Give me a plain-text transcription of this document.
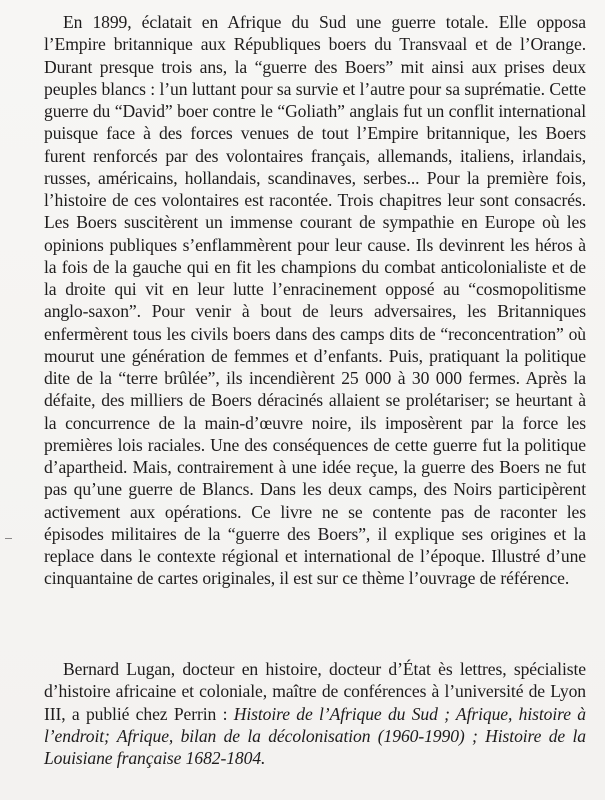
En 1899, éclatait en Afrique du Sud une guerre totale. Elle opposa l’Empire britannique aux Républiques boers du Transvaal et de l’Orange. Durant presque trois ans, la “guerre des Boers” mit ainsi aux prises deux peuples blancs : l’un luttant pour sa survie et l’autre pour sa suprématie. Cette guerre du “David” boer contre le “Goliath” anglais fut un conflit international puisque face à des forces venues de tout l’Empire britannique, les Boers furent renforcés par des volontaires français, allemands, italiens, irlandais, russes, américains, hollandais, scandinaves, serbes... Pour la première fois, l’histoire de ces volontaires est racontée. Trois chapitres leur sont consacrés. Les Boers suscitèrent un immense courant de sympathie en Europe où les opinions publiques s’enflammèrent pour leur cause. Ils devinrent les héros à la fois de la gauche qui en fit les champions du combat anticolonialiste et de la droite qui vit en leur lutte l’enracinement opposé au “cosmopolitisme anglo-saxon”. Pour venir à bout de leurs adversaires, les Britanniques enfermèrent tous les civils boers dans des camps dits de “reconcentration” où mourut une génération de femmes et d’enfants. Puis, pratiquant la politique dite de la “terre brûlée”, ils incendièrent 25 000 à 30 000 fermes. Après la défaite, des milliers de Boers déracinés allaient se prolétariser; se heurtant à la concurrence de la main-d’œuvre noire, ils imposèrent par la force les premières lois raciales. Une des conséquences de cette guerre fut la politique d’apartheid. Mais, contrairement à une idée reçue, la guerre des Boers ne fut pas qu’une guerre de Blancs. Dans les deux camps, des Noirs participèrent activement aux opérations. Ce livre ne se contente pas de raconter les épisodes militaires de la “guerre des Boers”, il explique ses origines et la replace dans le contexte régional et international de l’époque. Illustré d’une cinquantaine de cartes originales, il est sur ce thème l’ouvrage de référence.

Bernard Lugan, docteur en histoire, docteur d’État ès lettres, spécialiste d’histoire africaine et coloniale, maître de conférences à l’université de Lyon III, a publié chez Perrin : Histoire de l’Afrique du Sud ; Afrique, histoire à l’endroit; Afrique, bilan de la décolonisation (1960-1990) ; Histoire de la Louisiane française 1682-1804.
